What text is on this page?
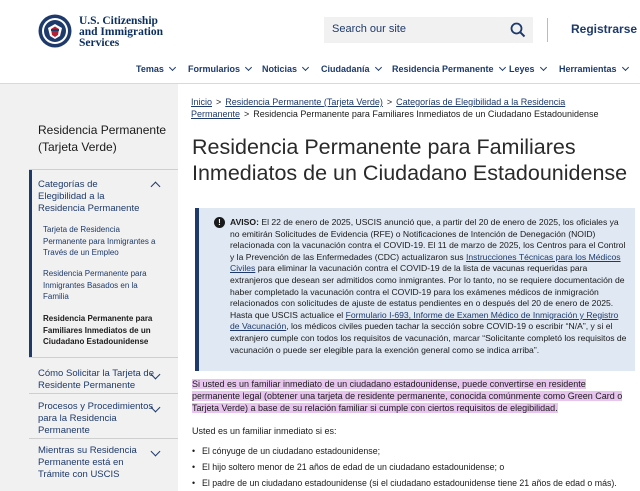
U.S. Citizenship
and Immigration
Services
Search our site	Registrarse
Temas	Formularios	Noticias	Ciudadanía	Residencia Permanente	Leyes	Herramientas
Residencia Permanente (Tarjeta Verde)
Categorías de Elegibilidad a la Residencia Permanente
Tarjeta de Residencia Permanente para Inmigrantes a Través de un Empleo
Residencia Permanente para Inmigrantes Basados en la Familia
Residencia Permanente para Familiares Inmediatos de un Ciudadano Estadounidense
Cómo Solicitar la Tarjeta de Residente Permanente
Procesos y Procedimientos para la Residencia Permanente
Mientras su Residencia Permanente está en Trámite con USCIS
Inicio > Residencia Permanente (Tarjeta Verde) > Categorías de Elegibilidad a la Residencia Permanente > Residencia Permanente para Familiares Inmediatos de un Ciudadano Estadounidense
Residencia Permanente para Familiares Inmediatos de un Ciudadano Estadounidense
!	AVISO: El 22 de enero de 2025, USCIS anunció que, a partir del 20 de enero de 2025, los oficiales ya no emitirán Solicitudes de Evidencia (RFE) o Notificaciones de Intención de Denegación (NOID) relacionada con la vacunación contra el COVID-19. El 11 de marzo de 2025, los Centros para el Control y la Prevención de las Enfermedades (CDC) actualizaron sus Instrucciones Técnicas para los Médicos Civiles para eliminar la vacunación contra el COVID-19 de la lista de vacunas requeridas para extranjeros que desean ser admitidos como inmigrantes. Por lo tanto, no se requiere documentación de haber completado la vacunación contra el COVID-19 para los exámenes médicos de inmigración relacionados con solicitudes de ajuste de estatus pendientes en o después del 20 de enero de 2025. Hasta que USCIS actualice el Formulario I-693, Informe de Examen Médico de Inmigración y Registro de Vacunación, los médicos civiles pueden tachar la sección sobre COVID-19 o escribir “N/A”, y si el extranjero cumple con todos los requisitos de vacunación, marcar “Solicitante completó los requisitos de vacunación o puede ser elegible para la exención general como se indica arriba”.
Si usted es un familiar inmediato de un ciudadano estadounidense, puede convertirse en residente permanente legal (obtener una tarjeta de residente permanente, conocida comúnmente como Green Card o Tarjeta Verde) a base de su relación familiar si cumple con ciertos requisitos de elegibilidad.
Usted es un familiar inmediato si es:
• El cónyuge de un ciudadano estadounidense;
• El hijo soltero menor de 21 años de edad de un ciudadano estadounidense; o
• El padre de un ciudadano estadounidense (si el ciudadano estadounidense tiene 21 años de edad o más).
